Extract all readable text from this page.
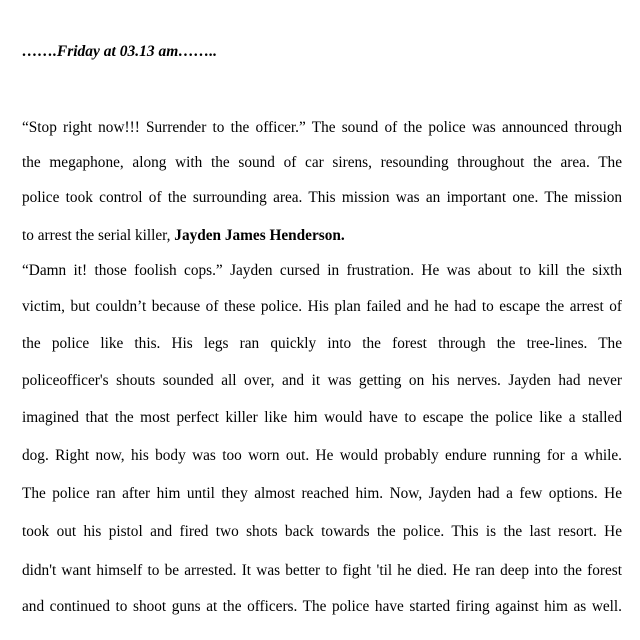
…….Friday at 03.13 am……..
“Stop right now!!! Surrender to the officer.” The sound of the police was announced through
the megaphone, along with the sound of car sirens, resounding throughout the area. The
police took control of the surrounding area. This mission was an important one. The mission
to arrest the serial killer, Jayden James Henderson.
“Damn it! those foolish cops.” Jayden cursed in frustration. He was about to kill the sixth
victim, but couldn’t because of these police. His plan failed and he had to escape the arrest of
the police like this. His legs ran quickly into the forest through the tree-lines. The
policeofficer's shouts sounded all over, and it was getting on his nerves. Jayden had never
imagined that the most perfect killer like him would have to escape the police like a stalled
dog. Right now, his body was too worn out. He would probably endure running for a while.
The police ran after him until they almost reached him. Now, Jayden had a few options. He
took out his pistol and fired two shots back towards the police. This is the last resort. He
didn't want himself to be arrested. It was better to fight 'til he died. He ran deep into the forest
and continued to shoot guns at the officers. The police have started firing against him as well.
